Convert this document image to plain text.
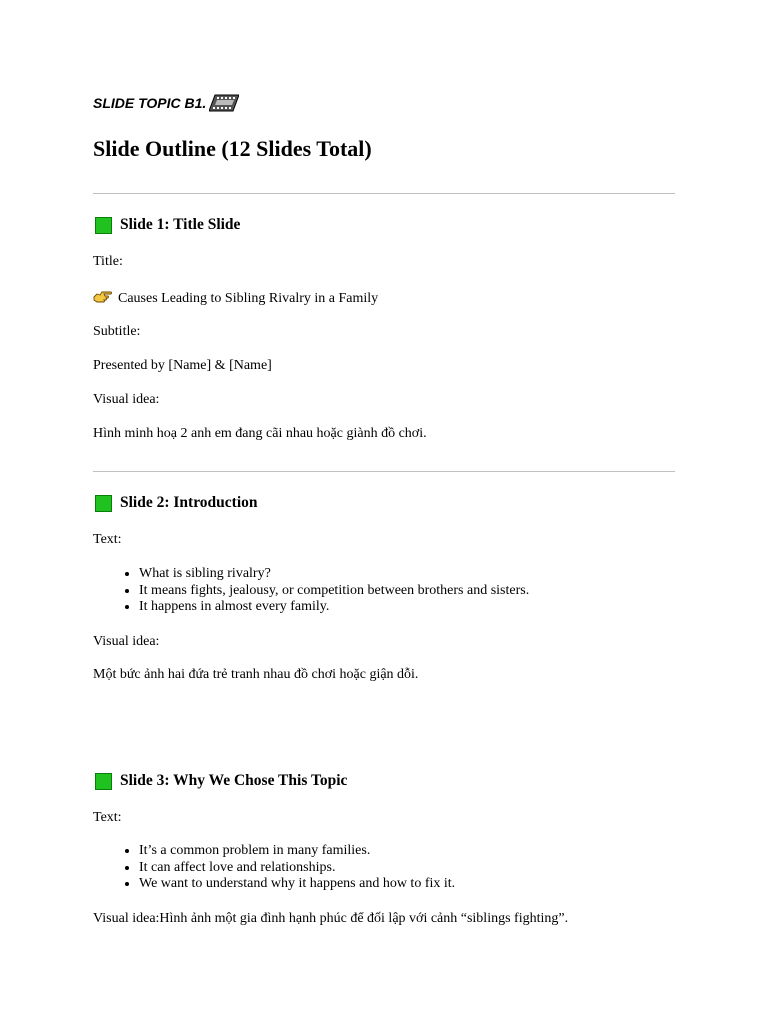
SLIDE TOPIC B1.
Slide Outline (12 Slides Total)
Slide 1: Title Slide
Title:
Causes Leading to Sibling Rivalry in a Family
Subtitle:
Presented by [Name] & [Name]
Visual idea:
Hình minh hoạ 2 anh em đang cãi nhau hoặc giành đồ chơi.
Slide 2: Introduction
Text:
• What is sibling rivalry?
• It means fights, jealousy, or competition between brothers and sisters.
• It happens in almost every family.
Visual idea:
Một bức ảnh hai đứa trẻ tranh nhau đồ chơi hoặc giận dỗi.
Slide 3: Why We Chose This Topic
Text:
• It’s a common problem in many families.
• It can affect love and relationships.
• We want to understand why it happens and how to fix it.
Visual idea:Hình ảnh một gia đình hạnh phúc để đối lập với cảnh “siblings fighting”.
